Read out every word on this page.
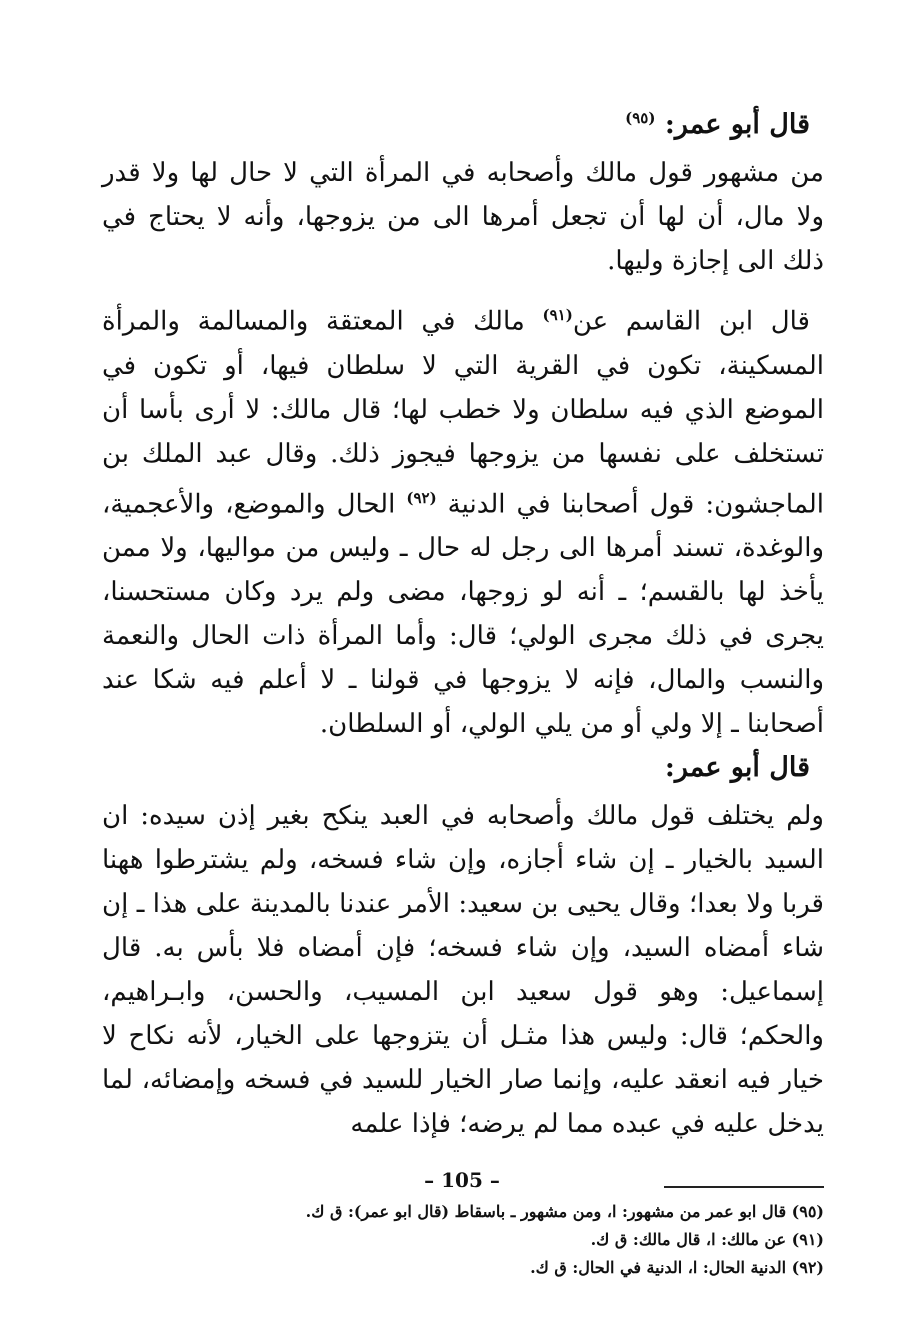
قال أبو عمر: $^{(٩٥)}$

من مشهور قول مالك وأصحابه في المرأة التي لا حال لها ولا قدر ولا مال، أن لها أن تجعل أمرها الى من يزوجها، وأنه لا يحتاج في ذلك الى إجازة وليها.

قال ابن القاسم عن$^{(٩١)}$ مالك في المعتقة والمسالمة والمرأة المسكينة، تكون في القرية التي لا سلطان فيها، أو تكون في الموضع الذي فيه سلطان ولا خطب لها؛ قال مالك: لا أرى بأسا أن تستخلف على نفسها من يزوجها فيجوز ذلك. وقال عبد الملك بن الماجشون: قول أصحابنا في الدنية $^{(٩٢)}$ الحال والموضع، والأعجمية، والوغدة، تسند أمرها الى رجل له حال ـ وليس من مواليها، ولا ممن يأخذ لها بالقسم؛ ـ أنه لو زوجها، مضى ولم يرد وكان مستحسنا، يجرى في ذلك مجرى الولي؛ قال: وأما المرأة ذات الحال والنعمة والنسب والمال، فإنه لا يزوجها في قولنا ـ لا أعلم فيه شكا عند أصحابنا ـ إلا ولي أو من يلي الولي، أو السلطان.

قال أبو عمر:

ولم يختلف قول مالك وأصحابه في العبد ينكح بغير إذن سيده: ان السيد بالخيار ـ إن شاء أجازه، وإن شاء فسخه، ولم يشترطوا ههنا قربا ولا بعدا؛ وقال يحيى بن سعيد: الأمر عندنا بالمدينة على هذا ـ إن شاء أمضاه السيد، وإن شاء فسخه؛ فإن أمضاه فلا بأس به. قال إسماعيل: وهو قول سعيد ابن المسيب، والحسن، وابـراهيم، والحكم؛ قال: وليس هذا مثـل أن يتزوجها على الخيار، لأنه نكاح لا خيار فيه انعقد عليه، وإنما صار الخيار للسيد في فسخه وإمضائه، لما يدخل عليه في عبده مما لم يرضه؛ فإذا علمه

(٩٥) قال ابو عمر من مشهور: ا، ومن مشهور ـ باسقاط (قال ابو عمر): ق ك.
(٩١) عن مالك: ا، قال مالك: ق ك.
(٩٢) الدنية الحال: ا، الدنية في الحال: ق ك.
– 105 –
